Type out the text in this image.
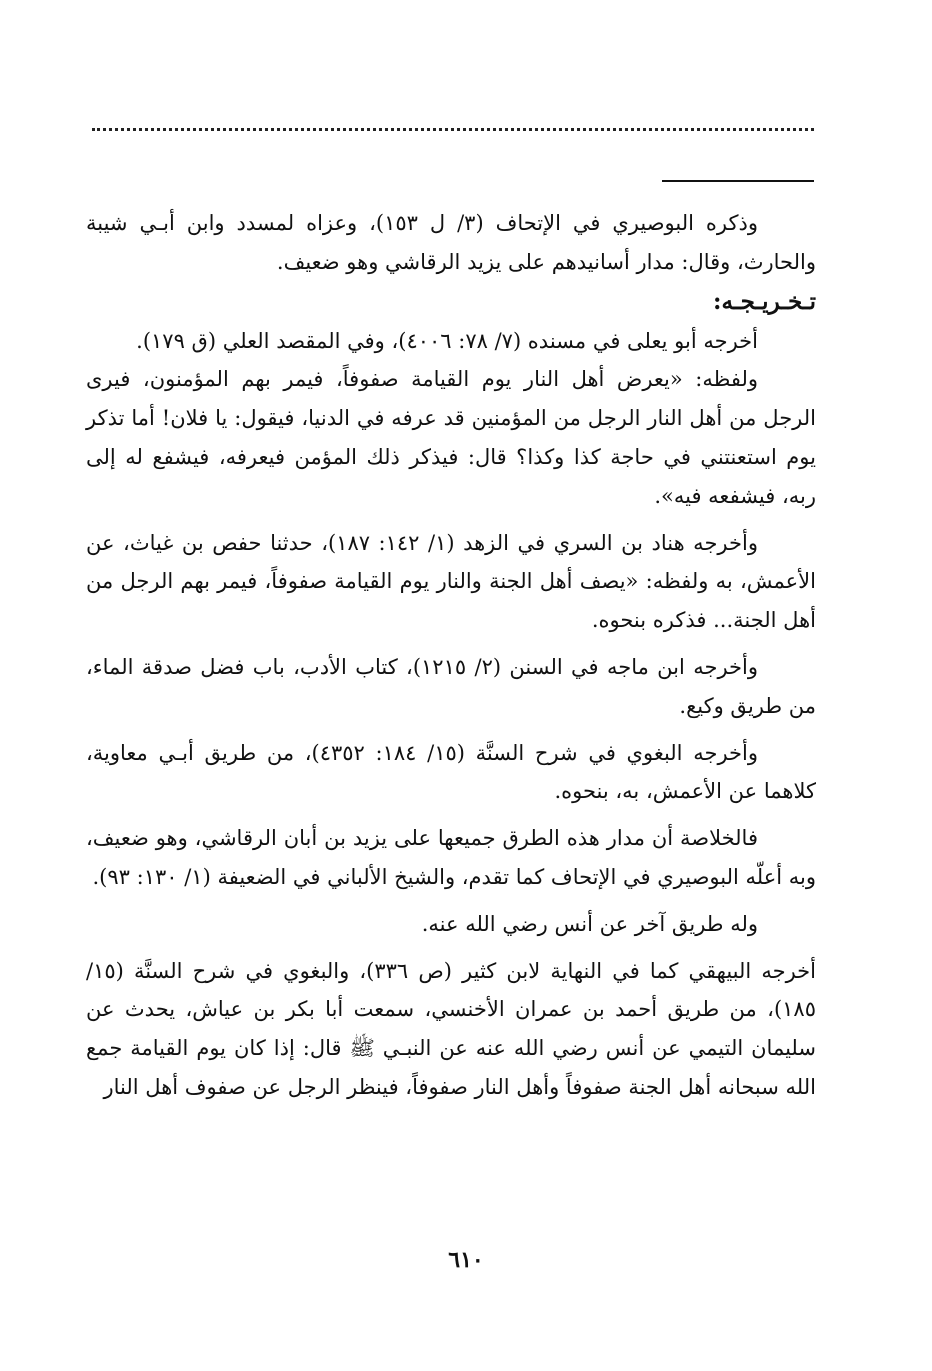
وذكره البوصيري في الإتحاف (٣/ ل ١٥٣)، وعزاه لمسدد وابن أبـي شيبة والحارث، وقال: مدار أسانيدهم على يزيد الرقاشي وهو ضعيف.

تـخـريـجـه:

أخرجه أبو يعلى في مسنده (٧/ ٧٨: ٤٠٠٦)، وفي المقصد العلي (ق ١٧٩).

ولفظه: «يعرض أهل النار يوم القيامة صفوفاً، فيمر بهم المؤمنون، فيرى الرجل من أهل النار الرجل من المؤمنين قد عرفه في الدنيا، فيقول: يا فلان! أما تذكر يوم استعنتني في حاجة كذا وكذا؟ قال: فيذكر ذلك المؤمن فيعرفه، فيشفع له إلى ربه، فيشفعه فيه».

وأخرجه هناد بن السري في الزهد (١/ ١٤٢: ١٨٧)، حدثنا حفص بن غياث، عن الأعمش، به ولفظه: «يصف أهل الجنة والنار يوم القيامة صفوفاً، فيمر بهم الرجل من أهل الجنة... فذكره بنحوه.

وأخرجه ابن ماجه في السنن (٢/ ١٢١٥)، كتاب الأدب، باب فضل صدقة الماء، من طريق وكيع.

وأخرجه البغوي في شرح السنَّة (١٥/ ١٨٤: ٤٣٥٢)، من طريق أبـي معاوية، كلاهما عن الأعمش، به، بنحوه.

فالخلاصة أن مدار هذه الطرق جميعها على يزيد بن أبان الرقاشي، وهو ضعيف، وبه أعلّه البوصيري في الإتحاف كما تقدم، والشيخ الألباني في الضعيفة (١/ ١٣٠: ٩٣).

وله طريق آخر عن أنس رضي الله عنه.

أخرجه البيهقي كما في النهاية لابن كثير (ص ٣٣٦)، والبغوي في شرح السنَّة (١٥/ ١٨٥)، من طريق أحمد بن عمران الأخنسي، سمعت أبا بكر بن عياش، يحدث عن سليمان التيمي عن أنس رضي الله عنه عن النبـي ﷺ قال: إذا كان يوم القيامة جمع الله سبحانه أهل الجنة صفوفاً وأهل النار صفوفاً، فينظر الرجل عن صفوف أهل النار

٦١٠
